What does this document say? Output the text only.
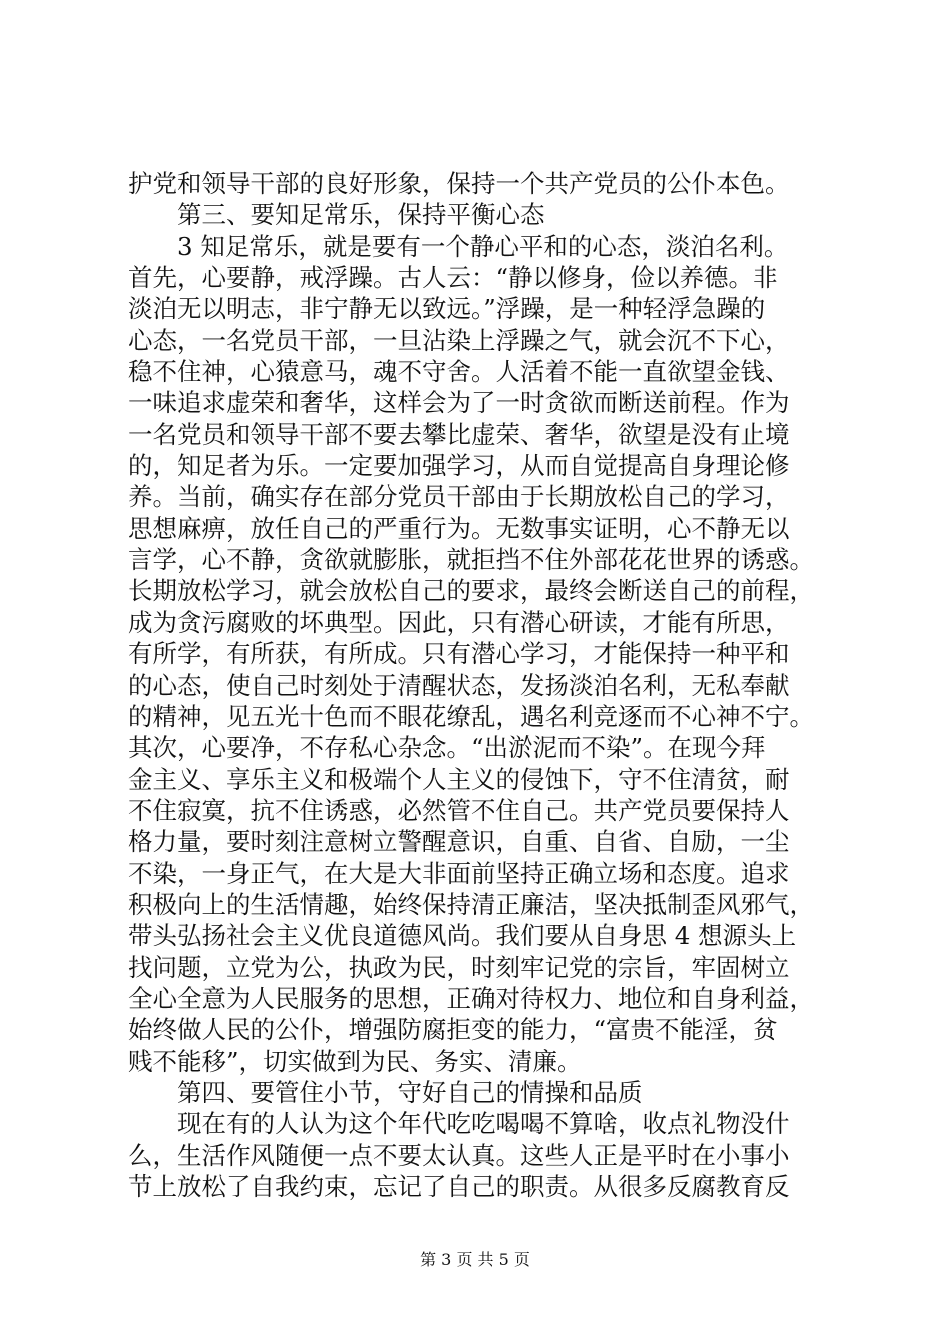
护党和领导干部的良好形象，保持一个共产党员的公仆本色。
第三、要知足常乐，保持平衡心态
3 知足常乐，就是要有一个静心平和的心态，淡泊名利。
首先，心要静，戒浮躁。古人云：“静以修身，俭以养德。非
淡泊无以明志，非宁静无以致远。”浮躁，是一种轻浮急躁的
心态，一名党员干部，一旦沾染上浮躁之气，就会沉不下心，
稳不住神，心猿意马，魂不守舍。人活着不能一直欲望金钱、
一味追求虚荣和奢华，这样会为了一时贪欲而断送前程。作为
一名党员和领导干部不要去攀比虚荣、奢华，欲望是没有止境
的，知足者为乐。一定要加强学习，从而自觉提高自身理论修
养。当前，确实存在部分党员干部由于长期放松自己的学习，
思想麻痹，放任自己的严重行为。无数事实证明，心不静无以
言学，心不静，贪欲就膨胀，就拒挡不住外部花花世界的诱惑。
长期放松学习，就会放松自己的要求，最终会断送自己的前程，
成为贪污腐败的坏典型。因此，只有潜心研读，才能有所思，
有所学，有所获，有所成。只有潜心学习，才能保持一种平和
的心态，使自己时刻处于清醒状态，发扬淡泊名利，无私奉献
的精神，见五光十色而不眼花缭乱，遇名利竞逐而不心神不宁。
其次，心要净，不存私心杂念。“出淤泥而不染”。在现今拜
金主义、享乐主义和极端个人主义的侵蚀下，守不住清贫，耐
不住寂寞，抗不住诱惑，必然管不住自己。共产党员要保持人
格力量，要时刻注意树立警醒意识，自重、自省、自励，一尘
不染，一身正气，在大是大非面前坚持正确立场和态度。追求
积极向上的生活情趣，始终保持清正廉洁，坚决抵制歪风邪气，
带头弘扬社会主义优良道德风尚。我们要从自身思 4 想源头上
找问题，立党为公，执政为民，时刻牢记党的宗旨，牢固树立
全心全意为人民服务的思想，正确对待权力、地位和自身利益，
始终做人民的公仆，增强防腐拒变的能力，“富贵不能淫，贫
贱不能移”，切实做到为民、务实、清廉。
第四、要管住小节，守好自己的情操和品质
现在有的人认为这个年代吃吃喝喝不算啥，收点礼物没什
么，生活作风随便一点不要太认真。这些人正是平时在小事小
节上放松了自我约束，忘记了自己的职责。从很多反腐教育反
第 3 页 共 5 页
